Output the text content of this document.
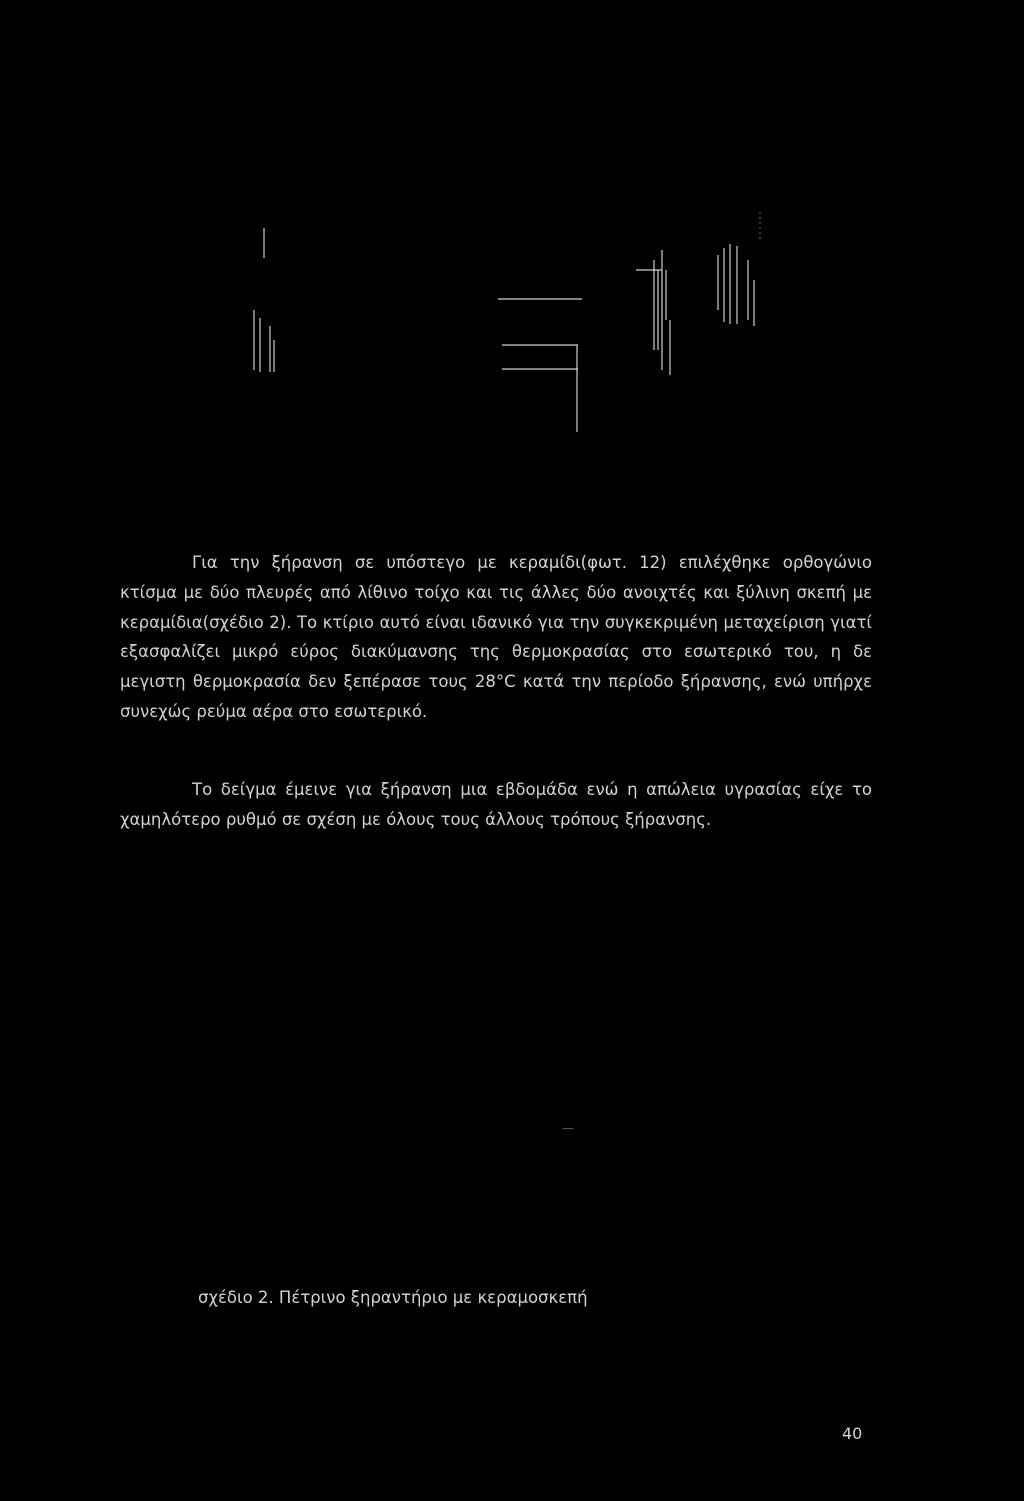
Για την ξήρανση σε υπόστεγο με κεραμίδι(φωτ. 12) επιλέχθηκε ορθογώνιο κτίσμα με δύο πλευρές από λίθινο τοίχο και τις άλλες δύο ανοιχτές και ξύλινη σκεπή με κεραμίδια(σχέδιο 2). Το κτίριο αυτό είναι ιδανικό για την συγκεκριμένη μεταχείριση γιατί εξασφαλίζει μικρό εύρος διακύμανσης της θερμοκρασίας στο εσωτερικό του, η δε μεγιστη θερμοκρασία δεν ξεπέρασε τους 28°C κατά την περίοδο ξήρανσης, ενώ υπήρχε συνεχώς ρεύμα αέρα στο εσωτερικό.

Το δείγμα έμεινε για ξήρανση μια εβδομάδα ενώ η απώλεια υγρασίας είχε το χαμηλότερο ρυθμό σε σχέση με όλους τους άλλους τρόπους ξήρανσης.

σχέδιο 2. Πέτρινο ξηραντήριο με κεραμοσκεπή
40
